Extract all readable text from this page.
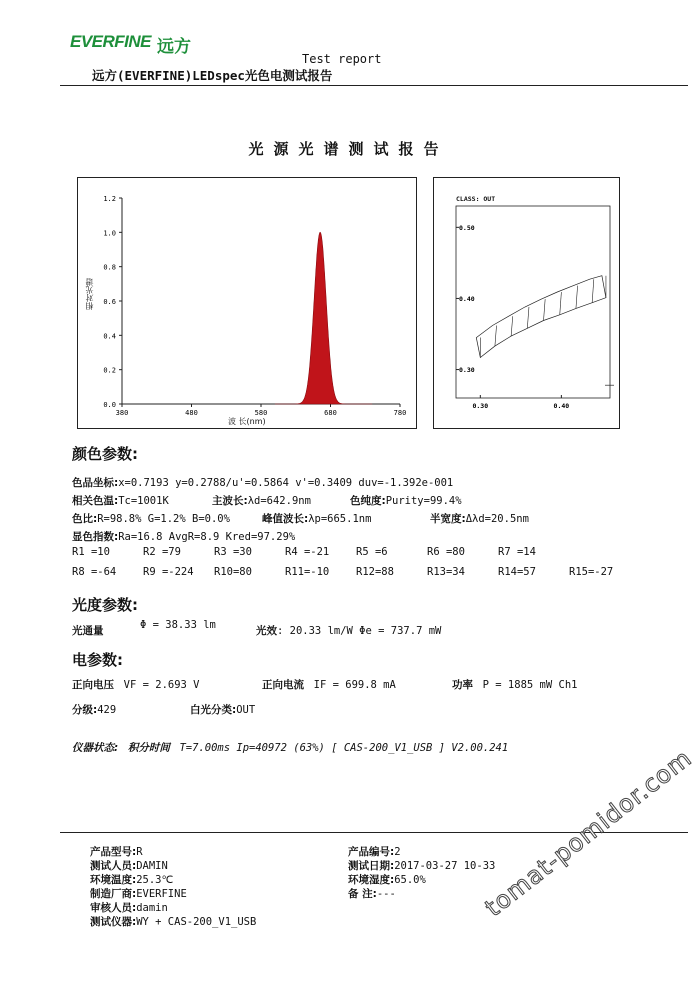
EVERFINE 远方
Test report
远方(EVERFINE)LEDspec光色电测试报告
光源光谱测试报告
0.0
0.2
0.4
0.6
0.8
1.0
1.2
380	480	580	680	780
相对光谱
波 长(nm)
0.50
0.40
0.30
0.30	0.40
CLASS: OUT
颜色参数:
色品坐标:x=0.7193 y=0.2788/u'=0.5864 v'=0.3409 duv=-1.392e-001
相关色温:Tc=1001K	主波长:λd=642.9nm	色纯度:Purity=99.4%
色比:R=98.8% G=1.2% B=0.0%	峰值波长:λp=665.1nm	半宽度:Δλd=20.5nm
显色指数:Ra=16.8 AvgR=8.9 Kred=97.29%
R1 =10	R2 =79	R3 =30	R4 =-21	R5 =6	R6 =80	R7 =14
R8 =-64	R9 =-224 R10=80	R11=-10	R12=88	R13=34	R14=57	R15=-27
光度参数:
光通量	Φ = 38.33 lm	光效: 20.33 lm/W Φe = 737.7 mW
电参数:
正向电压 VF = 2.693 V	正向电流 IF = 699.8 mA	功率 P = 1885 mW Ch1
分级:429	白光分类:OUT
仪器状态: 积分时间 T=7.00ms Ip=40972 (63%) [ CAS-200_V1_USB ] V2.00.241
产品型号:R	产品编号:2
测试人员:DAMIN	测试日期:2017-03-27 10-33
环境温度:25.3℃	环境湿度:65.0%
制造厂商:EVERFINE	备 注:---
审核人员:damin
测试仪器:WY + CAS-200_V1_USB	tomat-pomidor.com
